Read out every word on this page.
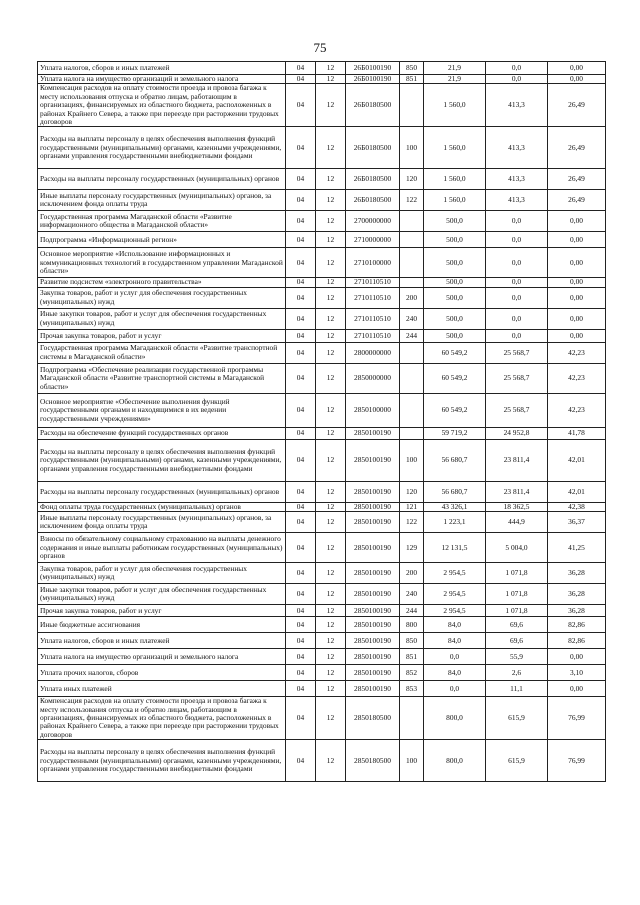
75
Уплата налогов, сборов и иных платежей	04	12	26Б0100190	850	21,9	0,0	0,00
Уплата налога на имущество организаций и земельного налога	04	12	26Б0100190	851	21,9	0,0	0,00
Компенсация расходов на оплату стоимости проезда и провоза багажа к месту использования отпуска и обратно лицам, работающим в организациях, финансируемых из областного бюджета, расположенных в районах Крайнего Севера, а также при переезде при расторжении трудовых договоров	04	12	26Б0180500		1 560,0	413,3	26,49
Расходы на выплаты персоналу в целях обеспечения выполнения функций государственными (муниципальными) органами, казенными учреждениями, органами управления государственными внебюджетными фондами	04	12	26Б0180500	100	1 560,0	413,3	26,49
Расходы на выплаты персоналу государственных (муниципальных) органов	04	12	26Б0180500	120	1 560,0	413,3	26,49
Иные выплаты персоналу государственных (муниципальных) органов, за исключением фонда оплаты труда	04	12	26Б0180500	122	1 560,0	413,3	26,49
Государственная программа Магаданской области «Развитие информационного общества в Магаданской области»	04	12	2700000000		500,0	0,0	0,00
Подпрограмма «Информационный регион»	04	12	2710000000		500,0	0,0	0,00
Основное мероприятие «Использование информационных и коммуникационных технологий в государственном управлении Магаданской области»	04	12	2710100000		500,0	0,0	0,00
Развитие подсистем «электронного правительства»	04	12	2710110510		500,0	0,0	0,00
Закупка товаров, работ и услуг для обеспечения государственных (муниципальных) нужд	04	12	2710110510	200	500,0	0,0	0,00
Иные закупки товаров, работ и услуг для обеспечения государственных (муниципальных) нужд	04	12	2710110510	240	500,0	0,0	0,00
Прочая закупка товаров, работ и услуг	04	12	2710110510	244	500,0	0,0	0,00
Государственная программа Магаданской области «Развитие транспортной системы в Магаданской области»	04	12	2800000000		60 549,2	25 568,7	42,23
Подпрограмма «Обеспечение реализации государственной программы Магаданской области «Развитие транспортной системы в Магаданской области»	04	12	2850000000		60 549,2	25 568,7	42,23
Основное мероприятие «Обеспечение выполнения функций государственными органами и находящимися в их ведении государственными учреждениями»	04	12	2850100000		60 549,2	25 568,7	42,23
Расходы на обеспечение функций государственных органов	04	12	2850100190		59 719,2	24 952,8	41,78
Расходы на выплаты персоналу в целях обеспечения выполнения функций государственными (муниципальными) органами, казенными учреждениями, органами управления государственными внебюджетными фондами	04	12	2850100190	100	56 680,7	23 811,4	42,01
Расходы на выплаты персоналу государственных (муниципальных) органов	04	12	2850100190	120	56 680,7	23 811,4	42,01
Фонд оплаты труда государственных (муниципальных) органов	04	12	2850100190	121	43 326,1	18 362,5	42,38
Иные выплаты персоналу государственных (муниципальных) органов, за исключением фонда оплаты труда	04	12	2850100190	122	1 223,1	444,9	36,37
Взносы по обязательному социальному страхованию на выплаты денежного содержания и иные выплаты работникам государственных (муниципальных) органов	04	12	2850100190	129	12 131,5	5 004,0	41,25
Закупка товаров, работ и услуг для обеспечения государственных (муниципальных) нужд	04	12	2850100190	200	2 954,5	1 071,8	36,28
Иные закупки товаров, работ и услуг для обеспечения государственных (муниципальных) нужд	04	12	2850100190	240	2 954,5	1 071,8	36,28
Прочая закупка товаров, работ и услуг	04	12	2850100190	244	2 954,5	1 071,8	36,28
Иные бюджетные ассигнования	04	12	2850100190	800	84,0	69,6	82,86
Уплата налогов, сборов и иных платежей	04	12	2850100190	850	84,0	69,6	82,86
Уплата налога на имущество организаций и земельного налога	04	12	2850100190	851	0,0	55,9	0,00
Уплата прочих налогов, сборов	04	12	2850100190	852	84,0	2,6	3,10
Уплата иных платежей	04	12	2850100190	853	0,0	11,1	0,00
Компенсация расходов на оплату стоимости проезда и провоза багажа к месту использования отпуска и обратно лицам, работающим в организациях, финансируемых из областного бюджета, расположенных в районах Крайнего Севера, а также при переезде при расторжении трудовых договоров	04	12	2850180500		800,0	615,9	76,99
Расходы на выплаты персоналу в целях обеспечения выполнения функций государственными (муниципальными) органами, казенными учреждениями, органами управления государственными внебюджетными фондами	04	12	2850180500	100	800,0	615,9	76,99
